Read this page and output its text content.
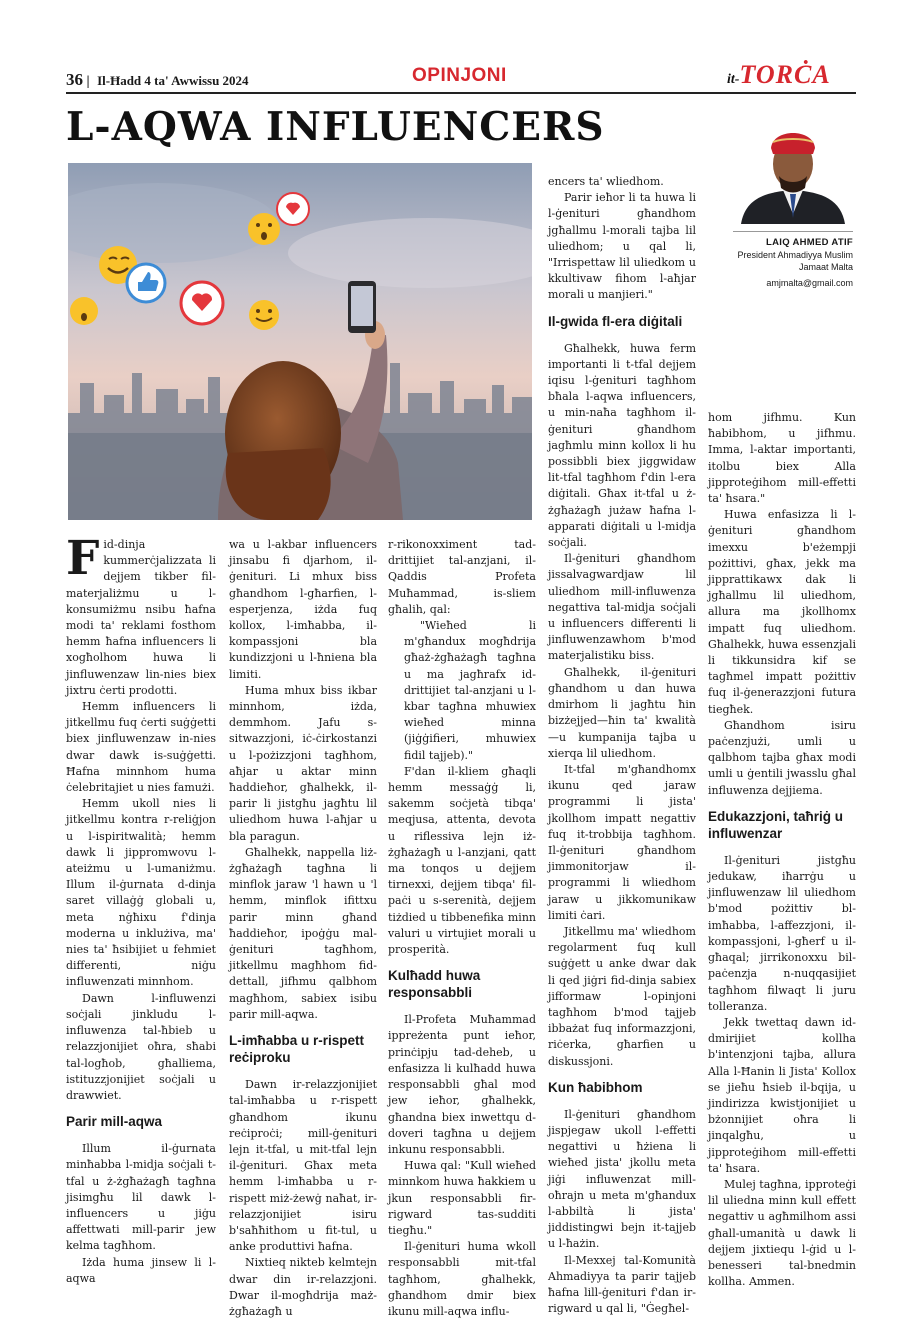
36 | Il-Ħadd 4 ta' Awwissu 2024	OPINJONI	it-TORĊA
L-AQWA INFLUENCERS
LAIQ AHMED ATIF
President Ahmadiyya Muslim
Jamaat Malta
amjmalta@gmail.com

Fid-dinja kummerċjalizzata li dejjem tikber fil-materjaliżmu u l-konsumiżmu nsibu ħafna modi ta' reklami fosthom hemm ħafna influencers li xogħolhom huwa li jinfluwenzaw lin-nies biex jixtru ċerti prodotti.

Hemm influencers li jitkellmu fuq ċerti suġġetti biex jinfluwenzaw in-nies dwar dawk is-suġġetti. Ħafna minnhom huma ċelebritajiet u nies famużi.

Hemm ukoll nies li jitkellmu kontra r-reliġjon u l-ispiritwalità; hemm dawk li jippromwovu l-ateiżmu u l-umaniżmu. Illum il-ġurnata d-dinja saret villaġġ globali u, meta nġħixu f'dinja moderna u inklużiva, ma' nies ta' ħsibijiet u fehmiet differenti, niġu influwenzati minnhom.

Dawn l-influwenzi soċjali jinkludu l-influwenza tal-ħbieb u relazzjonijiet oħra, sħabi tal-logħob, għalliema, istituzzjonijiet soċjali u drawwiet.

Parir mill-aqwa

Illum il-ġurnata minħabba l-midja soċjali t-tfal u ż-żgħażagħ tagħna jisimgħu lil dawk l-influencers u jiġu affettwati mill-parir jew kelma tagħhom.

Iżda huma jinsew li l-aqwa

wa u l-akbar influencers jinsabu fi djarhom, il-ġenituri. Li mhux biss għandhom l-għarfien, l-esperjenza, iżda fuq kollox, l-imħabba, il-kompassjoni bla kundizzjoni u l-ħniena bla limiti.

Huma mhux biss ikbar minnhom, iżda, demmhom. Jafu s-sitwazzjoni, iċ-ċirkostanzi u l-pożizzjoni tagħhom, aħjar u aktar minn ħaddieħor, għalhekk, il-parir li jistgħu jagħtu lil uliedhom huwa l-aħjar u bla paragun.

Għalhekk, nappella liż-żgħażagħ tagħna li minflok jaraw 'l hawn u 'l hemm, minflok ifittxu parir minn għand ħaddieħor, ipoġġu mal-ġenituri tagħhom, jitkellmu magħhom fid-dettall, jifhmu qalbhom magħhom, sabiex isibu parir mill-aqwa.

L-imħabba u r-rispett reċiproku

Dawn ir-relazzjonijiet tal-imħabba u r-rispett għandhom ikunu reċiproċi; mill-ġenituri lejn it-tfal, u mit-tfal lejn il-ġenituri. Għax meta hemm l-imħabba u r-rispett miż-żewġ naħat, ir-relazzjonijiet isiru b'saħħithom u fit-tul, u anke produttivi ħafna.

Nixtieq nikteb kelmtejn dwar din ir-relazzjoni. Dwar il-mogħdrija maż-żgħażagħ u

r-rikonoxximent tad-drittijiet tal-anzjani, il-Qaddis Profeta Muħammad, is-sliem għalih, qal:

"Wieħed li m'għandux mogħdrija għaż-żgħażagħ tagħna u ma jagħrafx id-drittijiet tal-anzjani u l-kbar tagħna mhuwiex wieħed minna (jiġġifieri, mhuwiex fidil tajjeb)."

F'dan il-kliem għaqli hemm messaġġ li, sakemm soċjetà tibqa' meqjusa, attenta, devota u riflessiva lejn iż-żgħażagħ u l-anzjani, qatt ma tonqos u dejjem tirnexxi, dejjem tibqa' fil-paċi u s-serenità, dejjem tiżdied u tibbenefika minn valuri u virtujiet morali u prosperità.

Kulħadd huwa responsabbli

Il-Profeta Muħammad ippreżenta punt ieħor, prinċipju tad-deheb, u enfasizza li kulħadd huwa responsabbli għal mod jew ieħor, għalhekk, għandna biex inwettqu d-doveri tagħna u dejjem inkunu responsabbli.

Huwa qal: "Kull wieħed minnkom huwa ħakkiem u jkun responsabbli fir-rigward tas-sudditi tiegħu."

Il-ġenituri huma wkoll responsabbli mit-tfal tagħhom, għalhekk, għandhom dmir biex ikunu mill-aqwa influ-

encers ta' wliedhom.

Parir ieħor li ta huwa li l-ġenituri għandhom jgħallmu l-morali tajba lil uliedhom; u qal li, "Irrispettaw lil uliedkom u kkultivaw fihom l-aħjar morali u manjieri."

Il-gwida fl-era diġitali

Għalhekk, huwa ferm importanti li t-tfal dejjem iqisu l-ġenituri tagħhom bħala l-aqwa influencers, u min-naħa tagħhom il-ġenituri għandhom jagħmlu minn kollox li hu possibbli biex jiggwidaw lit-tfal tagħhom f'din l-era diġitali. Għax it-tfal u ż-żgħażagħ jużaw ħafna l-apparati diġitali u l-midja soċjali.

Il-ġenituri għandhom jissalvagwardjaw lil uliedhom mill-influwenza negattiva tal-midja soċjali u influencers differenti li jinfluwenzawhom b'mod materjalistiku biss.

Għalhekk, il-ġenituri għandhom u dan huwa dmirhom li jagħtu ħin bizżejjed—ħin ta' kwalità—u kumpanija tajba u xierqa lil uliedhom.

It-tfal m'għandhomx ikunu qed jaraw programmi li jista' jkollhom impatt negattiv fuq it-trobbija tagħhom. Il-ġenituri għandhom jimmonitorjaw il-programmi li wliedhom jaraw u jikkomunikaw limiti ċari.

Jitkellmu ma' wliedhom regolarment fuq kull suġġett u anke dwar dak li qed jiġri fid-dinja sabiex jifformaw l-opinjoni tagħhom b'mod tajjeb ibbażat fuq informazzjoni, riċerka, għarfien u diskussjoni.

Kun ħabibhom

Il-ġenituri għandhom jispjegaw ukoll l-effetti negattivi u ħżiena li wieħed jista' jkollu meta jiġi influwenzat mill-oħrajn u meta m'għandux l-abbiltà li jista' jiddistingwi bejn it-tajjeb u l-ħażin.

Il-Mexxej tal-Komunità Ahmadiyya ta parir tajjeb ħafna lill-ġenituri f'dan ir-rigward u qal li, "Ġegħel-

hom jifhmu. Kun ħabibhom, u jifhmu. Imma, l-aktar importanti, itolbu biex Alla jipproteġihom mill-effetti ta' ħsara."

Huwa enfasizza li l-ġenituri għandhom imexxu b'eżempji pożittivi, għax, jekk ma jipprattikawx dak li jgħallmu lil uliedhom, allura ma jkollhomx impatt fuq uliedhom. Għalhekk, huwa essenzjali li tikkunsidra kif se tagħmel impatt pożittiv fuq il-ġenerazzjoni futura tiegħek.

Għandhom isiru paċenzjużi, umli u qalbhom tajba għax modi umli u ġentili jwasslu għal influwenza dejjiema.

Edukazzjoni, taħriġ u influwenzar

Il-ġenituri jistgħu jedukaw, iħarrġu u jinfluwenzaw lil uliedhom b'mod pożittiv bl-imħabba, l-affezzjoni, il-kompassjoni, l-għerf u il-għaqal; jirrikonoxxu bil-paċenzja n-nuqqasijiet tagħhom filwaqt li juru tolleranza.

Jekk twettaq dawn id-dmirijiet kollha b'intenzjoni tajba, allura Alla l-Ħanin li Jista' Kollox se jieħu ħsieb il-bqija, u jindirizza kwistjonijiet u bżonnijiet oħra li jinqalgħu, u jipproteġihom mill-effetti ta' ħsara.

Mulej tagħna, ipproteġi lil uliedna minn kull effett negattiv u agħmilhom assi għall-umanità u dawk li dejjem jixtiequ l-ġid u l-benesseri tal-bnedmin kollha. Ammen.
